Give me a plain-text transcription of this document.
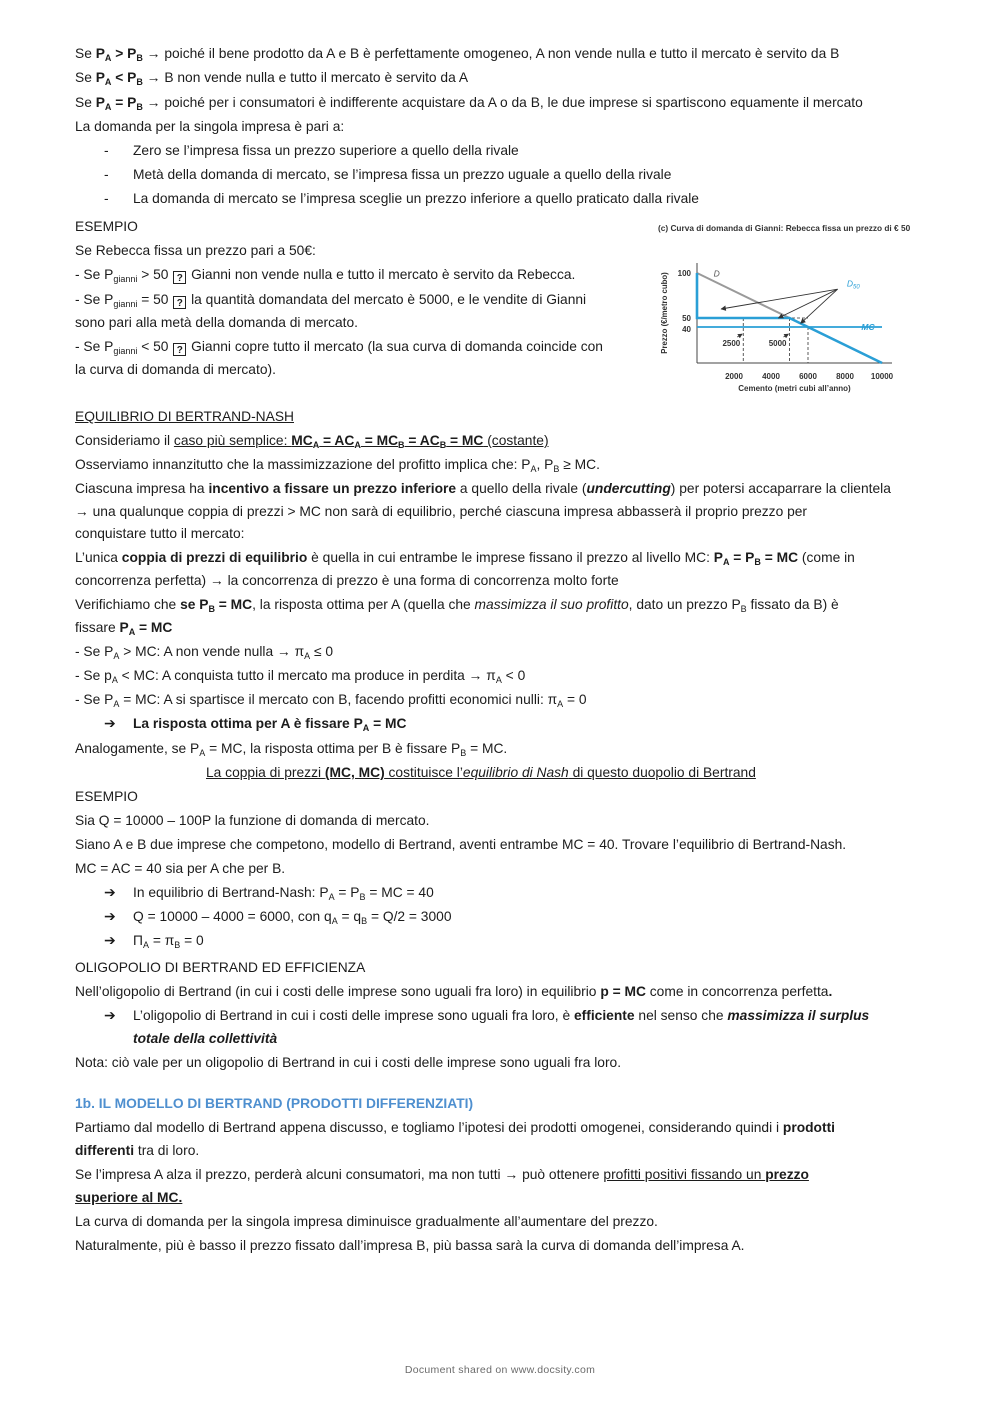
Se $P_A > P_B$ → poiché il bene prodotto da A e B è perfettamente omogeneo, A non vende nulla e tutto il mercato è servito da B
Se $P_A < P_B \to B$ non vende nulla e tutto il mercato è servito da A
Se $P_A = P_B$ → poiché per i consumatori è indifferente acquistare da A o da B, le due imprese si spartiscono equamente il mercato
La domanda per la singola impresa è pari a:
- Zero se l’impresa fissa un prezzo superiore a quello della rivale
- Metà della domanda di mercato, se l’impresa fissa un prezzo uguale a quello della rivale
- La domanda di mercato se l’impresa sceglie un prezzo inferiore a quello praticato dalla rivale
ESEMPIO
Se Rebecca fissa un prezzo pari a 50€:
- Se $P_{gianni} > 50$ ? Gianni non vende nulla e tutto il mercato è servito da Rebecca.
- Se $P_{gianni} = 50$ ? la quantità domandata del mercato è 5000, e le vendite di Gianni
sono pari alla metà della domanda di mercato.
- Se $P_{gianni} < 50$ ? Gianni copre tutto il mercato (la sua curva di domanda coincide con
la curva di domanda di mercato).
(c) Curva di domanda di Gianni: Rebecca fissa un prezzo di € 50
D
$D_{50}$
MC
40
50
100
2000 4000 6000 8000 10000
2500	5000
Cemento (metri cubi all’anno)
Prezzo (€/metro cubo)
EQUILIBRIO DI BERTRAND-NASH
Consideriamo il caso più semplice: $MC_A = AC_A = MC_B = AC_B$ = MC (costante)
Osserviamo innanzitutto che la massimizzazione del profitto implica che: $P_A$, $P_B$ ≥ MC.
Ciascuna impresa ha incentivo a fissare un prezzo inferiore a quello della rivale (undercutting) per potersi accaparrare la clientela
→ una qualunque coppia di prezzi > MC non sarà di equilibrio, perché ciascuna impresa abbasserà il proprio prezzo per
conquistare tutto il mercato:
L’unica coppia di prezzi di equilibrio è quella in cui entrambe le imprese fissano il prezzo al livello MC: $P_A = P_B$ = MC (come in
concorrenza perfetta) → la concorrenza di prezzo è una forma di concorrenza molto forte
Verifichiamo che se $P_B$ = MC, la risposta ottima per A (quella che massimizza il suo profitto, dato un prezzo $P_B$ fissato da B) è
fissare $P_A$ = MC
- Se $P_A$ > MC: A non vende nulla → $\pi_A \le 0$
- Se $p_A$ < MC: A conquista tutto il mercato ma produce in perdita → $\pi_A < 0$
- Se $P_A$ = MC: A si spartisce il mercato con B, facendo profitti economici nulli: $\pi_A = 0$
➔ La risposta ottima per A è fissare $P_A$ = MC
Analogamente, se $P_A$ = MC, la risposta ottima per B è fissare $P_B$ = MC.
La coppia di prezzi (MC, MC) costituisce l’equilibrio di Nash di questo duopolio di Bertrand
ESEMPIO
Sia Q = 10000 – 100P la funzione di domanda di mercato.
Siano A e B due imprese che competono, modello di Bertrand, aventi entrambe MC = 40. Trovare l’equilibrio di Bertrand-Nash.
MC = AC = 40 sia per A che per B.
➔ In equilibrio di Bertrand-Nash: $P_A = P_B$ = MC = 40
➔ Q = 10000 – 4000 = 6000, con $q_A = q_B = Q/2 = 3000$
➔ $\Pi_A = \pi_B = 0$
OLIGOPOLIO DI BERTRAND ED EFFICIENZA
Nell’oligopolio di Bertrand (in cui i costi delle imprese sono uguali fra loro) in equilibrio p = MC come in concorrenza perfetta.
➔ L’oligopolio di Bertrand in cui i costi delle imprese sono uguali fra loro, è efficiente nel senso che massimizza il surplus
totale della collettività
Nota: ciò vale per un oligopolio di Bertrand in cui i costi delle imprese sono uguali fra loro.
1b. IL MODELLO DI BERTRAND (PRODOTTI DIFFERENZIATI)
Partiamo dal modello di Bertrand appena discusso, e togliamo l’ipotesi dei prodotti omogenei, considerando quindi i prodotti
differenti tra di loro.
Se l’impresa A alza il prezzo, perderà alcuni consumatori, ma non tutti → può ottenere profitti positivi fissando un prezzo
superiore al MC.
La curva di domanda per la singola impresa diminuisce gradualmente all’aumentare del prezzo.
Naturalmente, più è basso il prezzo fissato dall’impresa B, più bassa sarà la curva di domanda dell’impresa A.
Document shared on www.docsity.com
